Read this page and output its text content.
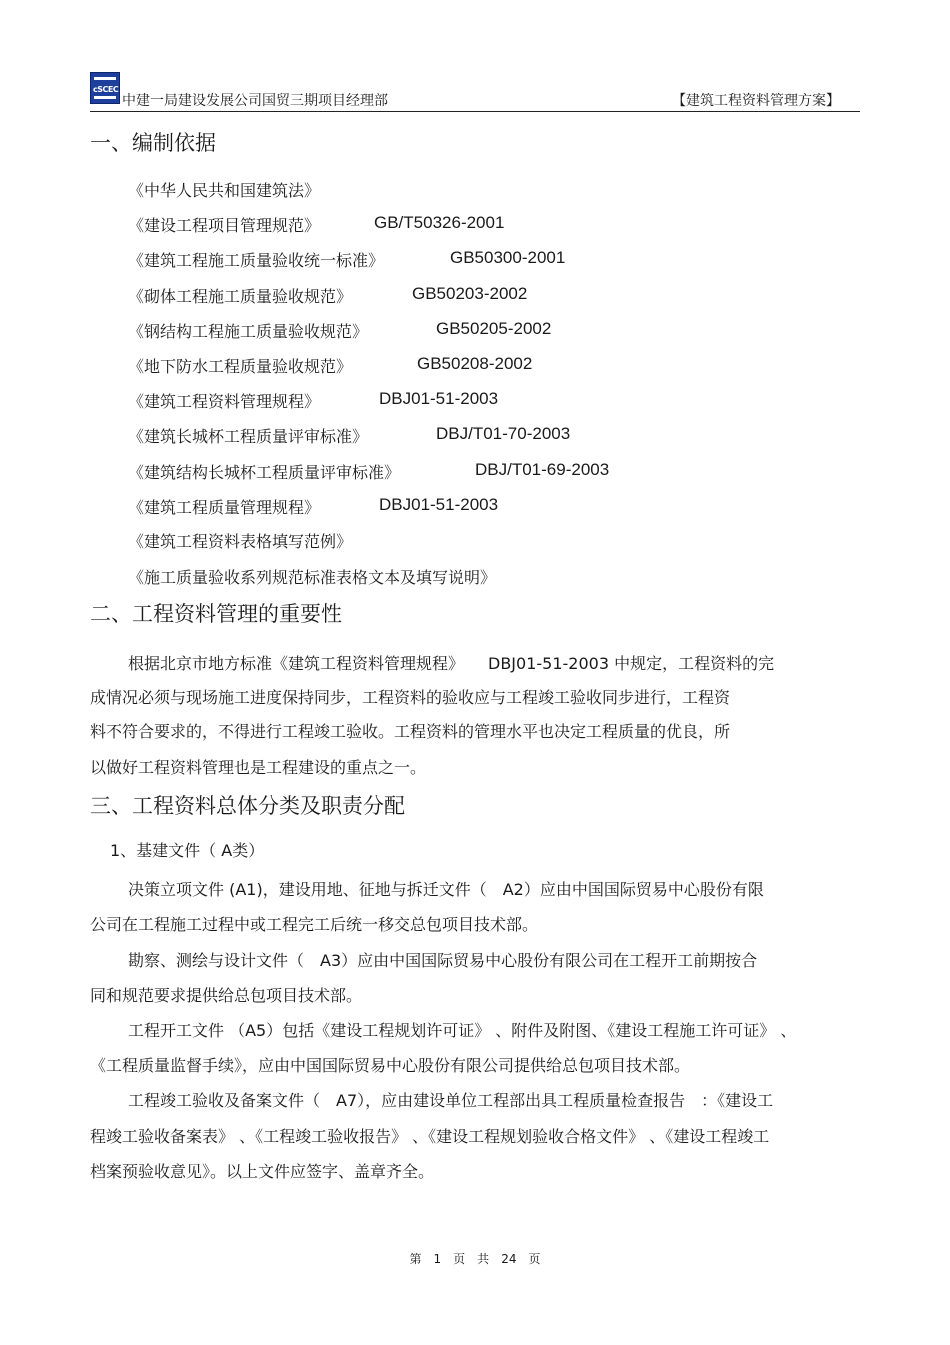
cSCEC
中建一局建设发展公司国贸三期项目经理部	【建筑工程资料管理方案】
一、编制依据
《中华人民共和国建筑法》
《建设工程项目管理规范》	GB/T50326-2001
《建筑工程施工质量验收统一标准》	GB50300-2001
《砌体工程施工质量验收规范》	GB50203-2002
《钢结构工程施工质量验收规范》	GB50205-2002
《地下防水工程质量验收规范》	GB50208-2002
《建筑工程资料管理规程》	DBJ01-51-2003
《建筑长城杯工程质量评审标准》	DBJ/T01-70-2003
《建筑结构长城杯工程质量评审标准》	DBJ/T01-69-2003
《建筑工程质量管理规程》	DBJ01-51-2003
《建筑工程资料表格填写范例》
《施工质量验收系列规范标准表格文本及填写说明》
二、工程资料管理的重要性
根据北京市地方标准《建筑工程资料管理规程》　　DBJ01-51-2003 中规定，工程资料的完
成情况必须与现场施工进度保持同步，工程资料的验收应与工程竣工验收同步进行，工程资
料不符合要求的，不得进行工程竣工验收。工程资料的管理水平也决定工程质量的优良，所
以做好工程资料管理也是工程建设的重点之一。
三、工程资料总体分类及职责分配
1、基建文件（ A类）
决策立项文件 (A1)，建设用地、征地与拆迁文件（　A2）应由中国国际贸易中心股份有限
公司在工程施工过程中或工程完工后统一移交总包项目技术部。
勘察、测绘与设计文件（　A3）应由中国国际贸易中心股份有限公司在工程开工前期按合
同和规范要求提供给总包项目技术部。
工程开工文件 （A5）包括《建设工程规划许可证》 、附件及附图、《建设工程施工许可证》 、
《工程质量监督手续》，应由中国国际贸易中心股份有限公司提供给总包项目技术部。
工程竣工验收及备案文件（　A7），应由建设单位工程部出具工程质量检查报告　：《建设工
程竣工验收备案表》 、《工程竣工验收报告》 、《建设工程规划验收合格文件》 、《建设工程竣工
档案预验收意见》。以上文件应签字、盖章齐全。
第 1 页 共 24 页
